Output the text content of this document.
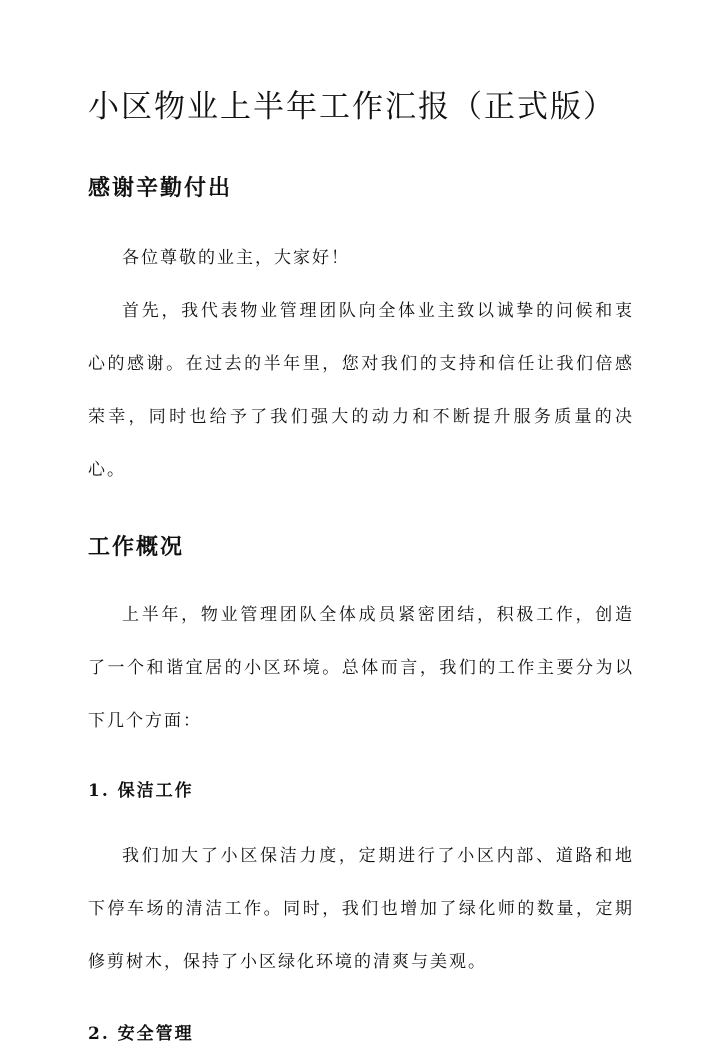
小区物业上半年工作汇报（正式版）
感谢辛勤付出

各位尊敬的业主，大家好！

首先，我代表物业管理团队向全体业主致以诚挚的问候和衷心的感谢。在过去的半年里，您对我们的支持和信任让我们倍感荣幸，同时也给予了我们强大的动力和不断提升服务质量的决心。

工作概况

上半年，物业管理团队全体成员紧密团结，积极工作，创造了一个和谐宜居的小区环境。总体而言，我们的工作主要分为以下几个方面：

1. 保洁工作

我们加大了小区保洁力度，定期进行了小区内部、道路和地下停车场的清洁工作。同时，我们也增加了绿化师的数量，定期修剪树木，保持了小区绿化环境的清爽与美观。

2. 安全管理
